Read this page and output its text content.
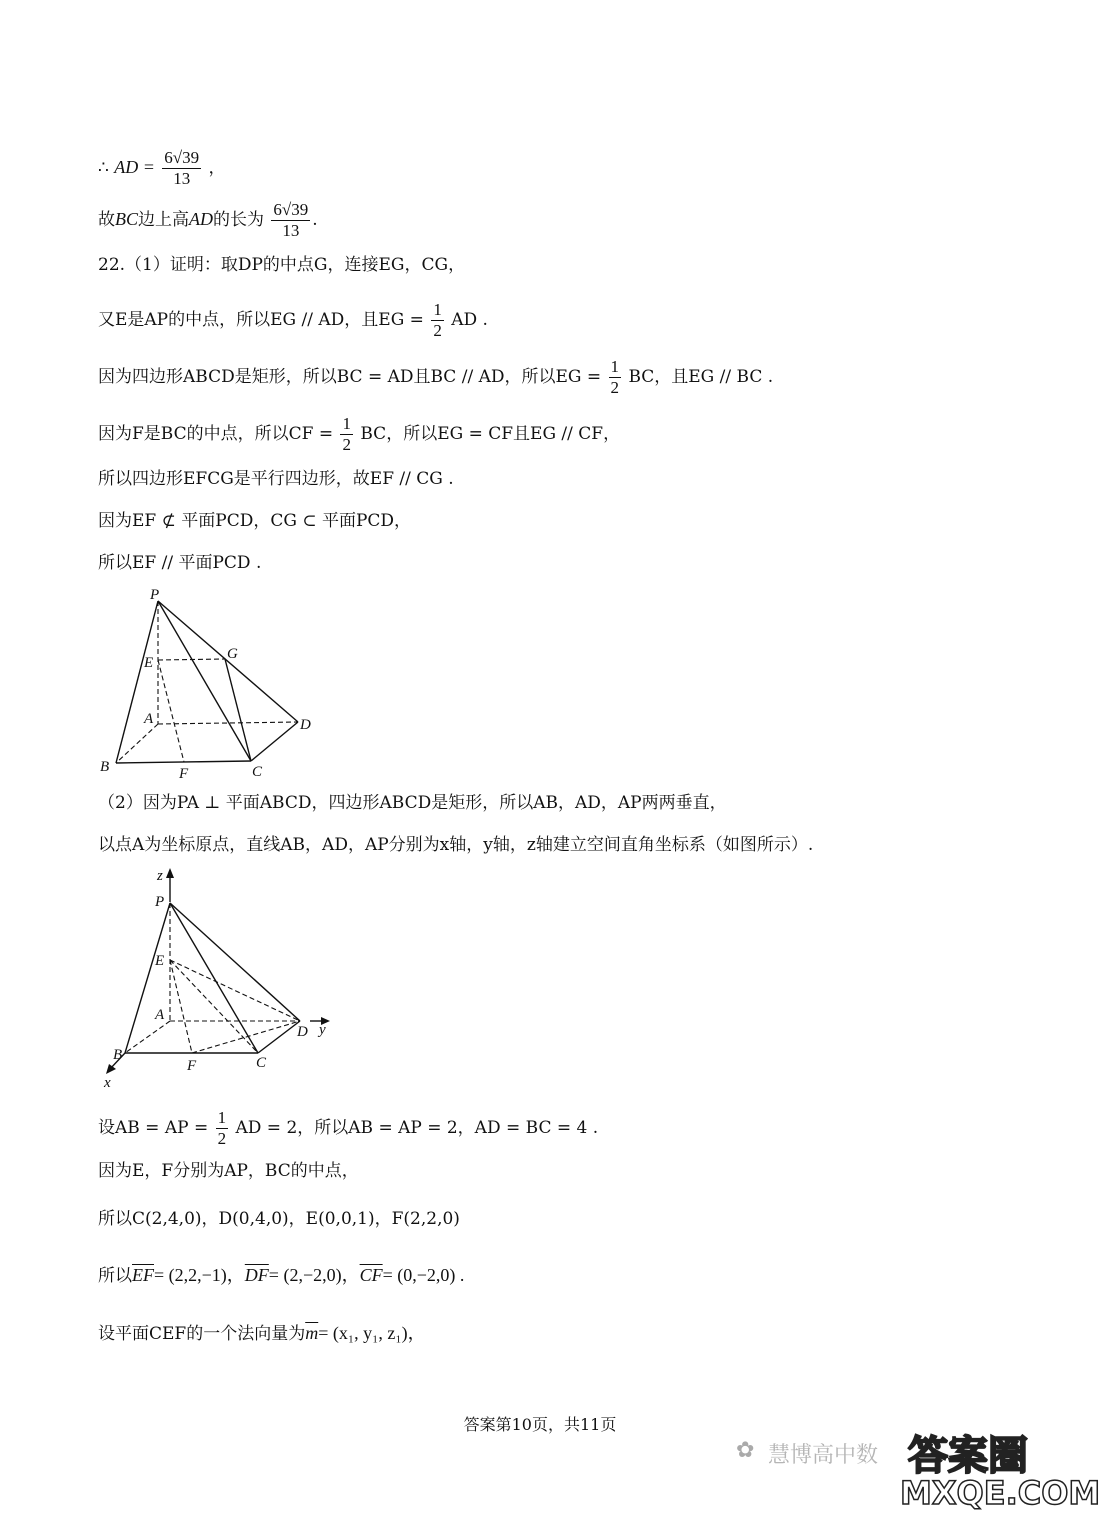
∴ AD = $\frac{6√39}{13}$ ，
故BC边上高AD的长为 $\frac{6√39}{13}$ .
22.（1）证明：取DP的中点G，连接EG，CG，
又E是AP的中点，所以EG // AD，且EG = $\frac{1}{2}$ AD .
因为四边形ABCD是矩形，所以BC = AD且BC // AD，所以EG = $\frac{1}{2}$ BC，且EG // BC .
因为F是BC的中点，所以CF = $\frac{1}{2}$ BC，所以EG = CF且EG // CF，
所以四边形EFCG是平行四边形，故EF // CG .
因为EF ⊄ 平面PCD，CG ⊂ 平面PCD，
所以EF // 平面PCD .
P
E
G
A	D
B	F	C
（2）因为PA ⊥ 平面ABCD，四边形ABCD是矩形，所以AB，AD，AP两两垂直，
以点A为坐标原点，直线AB，AD，AP分别为x轴，y轴，z轴建立空间直角坐标系（如图所示）.
z
P
E
A
D y
B
F	C
x
设AB = AP = $\frac{1}{2}$ AD = 2，所以AB = AP = 2，AD = BC = 4 .
因为E，F分别为AP，BC的中点，
所以C(2,4,0)，D(0,4,0)，E(0,0,1)，F(2,2,0)
所以$\overline{EF}= (2,2,-1)$，$\overline{DF}= (2,-2,0)$，$\overline{CF}= (0,-2,0)$ .
设平面CEF的一个法向量为$\overline{m}= (x_1$, y₁, z₁)，
答案第10页，共11页
✿ 慧博高中数 答案圈
MXQE.COM
